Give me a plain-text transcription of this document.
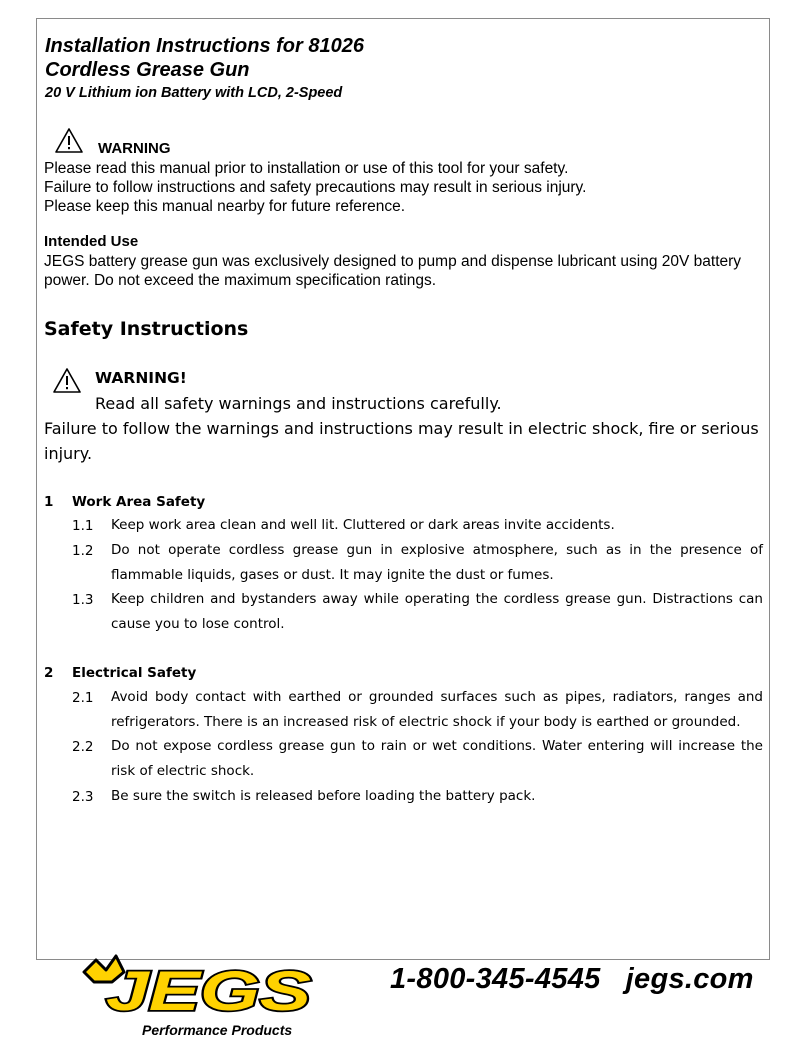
Installation Instructions for 81026
Cordless Grease Gun
20 V Lithium ion Battery with LCD, 2-Speed
WARNING
Please read this manual prior to installation or use of this tool for your safety.
Failure to follow instructions and safety precautions may result in serious injury.
Please keep this manual nearby for future reference.
Intended Use
JEGS battery grease gun was exclusively designed to pump and dispense lubricant using 20V battery power. Do not exceed the maximum specification ratings.
Safety Instructions
WARNING!
Read all safety warnings and instructions carefully.
Failure to follow the warnings and instructions may result in electric shock, fire or serious injury.
1 Work Area Safety
1.1 Keep work area clean and well lit. Cluttered or dark areas invite accidents.
1.2 Do not operate cordless grease gun in explosive atmosphere, such as in the presence of flammable liquids, gases or dust. It may ignite the dust or fumes.
1.3 Keep children and bystanders away while operating the cordless grease gun. Distractions can cause you to lose control.
2 Electrical Safety
2.1 Avoid body contact with earthed or grounded surfaces such as pipes, radiators, ranges and refrigerators. There is an increased risk of electric shock if your body is earthed or grounded.
2.2 Do not expose cordless grease gun to rain or wet conditions. Water entering will increase the risk of electric shock.
2.3 Be sure the switch is released before loading the battery pack.
JEGS
Performance Products
1-800-345-4545   jegs.com
